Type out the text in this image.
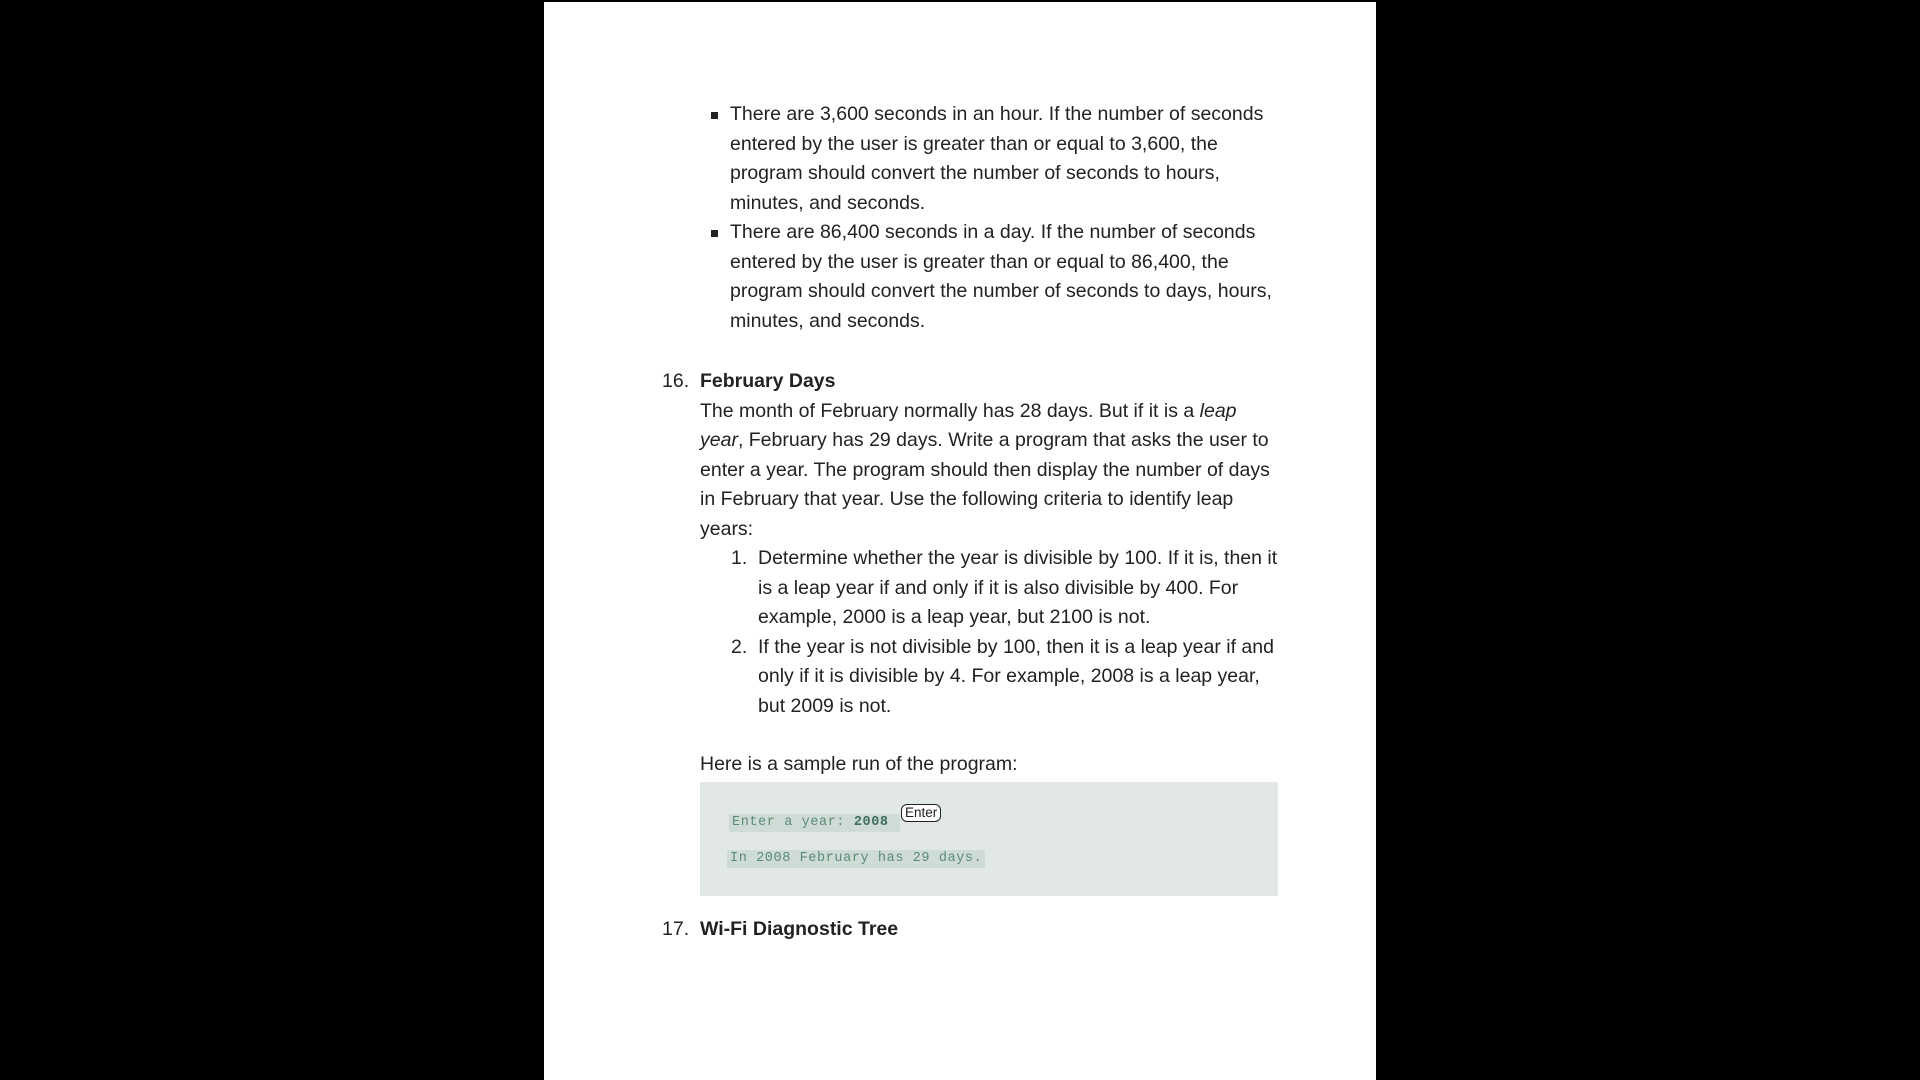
There are 3,600 seconds in an hour. If the number of seconds entered by the user is greater than or equal to 3,600, the program should convert the number of seconds to hours, minutes, and seconds.
There are 86,400 seconds in a day. If the number of seconds entered by the user is greater than or equal to 86,400, the program should convert the number of seconds to days, hours, minutes, and seconds.
16. February Days
The month of February normally has 28 days. But if it is a leap year, February has 29 days. Write a program that asks the user to enter a year. The program should then display the number of days in February that year. Use the following criteria to identify leap years:
1. Determine whether the year is divisible by 100. If it is, then it is a leap year if and only if it is also divisible by 400. For example, 2000 is a leap year, but 2100 is not.
2. If the year is not divisible by 100, then it is a leap year if and only if it is divisible by 4. For example, 2008 is a leap year, but 2009 is not.
Here is a sample run of the program:
Enter a year: 2008
Enter
In 2008 February has 29 days.
17. Wi-Fi Diagnostic Tree
